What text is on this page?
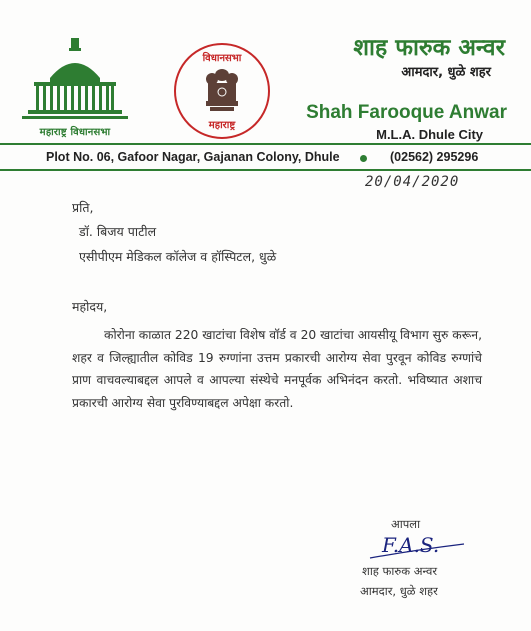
महाराष्ट्र विधानसभा
विधानसभा
महाराष्ट्र
शाह फारुक अन्वर
आमदार, धुळे शहर
Shah Farooque Anwar
M.L.A. Dhule City
Plot No. 06, Gafoor Nagar, Gajanan Colony, Dhule	(02562) 295296
20/04/2020
प्रति,
डॉ. बिजय पाटील
एसीपीएम मेडिकल कॉलेज व हॉस्पिटल, धुळे
महोदय,
कोरोना काळात 220 खाटांचा विशेष वॉर्ड व 20 खाटांचा आयसीयू विभाग सुरु करून, शहर व जिल्ह्यातील कोविड 19 रुग्णांना उत्तम प्रकारची आरोग्य सेवा पुरवून कोविड रुग्णांचे प्राण वाचवल्याबद्दल आपले व आपल्या संस्थेचे मनपूर्वक अभिनंदन करतो. भविष्यात अशाच प्रकारची आरोग्य सेवा पुरविण्याबद्दल अपेक्षा करतो.
आपला
F.A.S.
शाह फारुक अन्वर
आमदार, धुळे शहर
